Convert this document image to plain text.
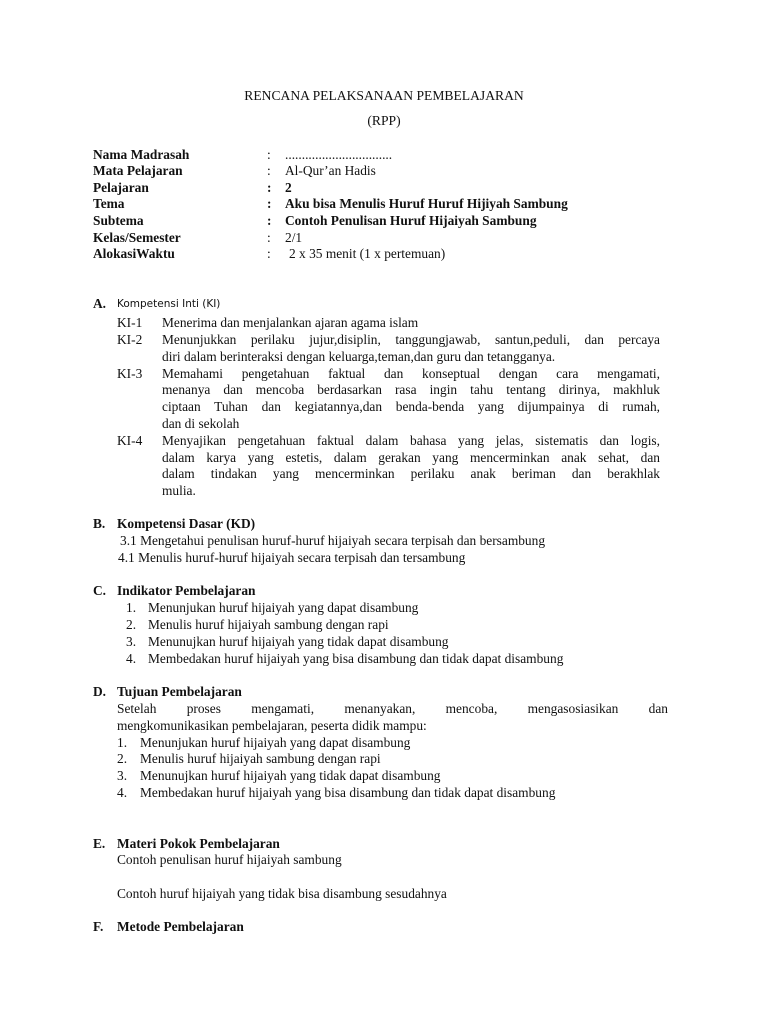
RENCANA PELAKSANAAN PEMBELAJARAN
(RPP)
Nama Madrasah	: ................................
Mata Pelajaran	: Al-Qur’an Hadis
Pelajaran	: 2
Tema	: Aku bisa Menulis Huruf Huruf Hijiyah Sambung
Subtema	: Contoh Penulisan Huruf Hijaiyah Sambung
Kelas/Semester	: 2/1
AlokasiWaktu	: 2 x 35 menit (1 x pertemuan)
A. Kompetensi Inti (KI)
KI-1 Menerima dan menjalankan ajaran agama islam
KI-2 Menunjukkan perilaku jujur,disiplin, tanggungjawab, santun,peduli, dan percaya
diri dalam berinteraksi dengan keluarga,teman,dan guru dan tetangganya.
KI-3 Memahami pengetahuan faktual dan konseptual dengan cara mengamati,
menanya dan mencoba berdasarkan rasa ingin tahu tentang dirinya, makhluk
ciptaan Tuhan dan kegiatannya,dan benda-benda yang dijumpainya di rumah,
dan di sekolah
KI-4 Menyajikan pengetahuan faktual dalam bahasa yang jelas, sistematis dan logis,
dalam karya yang estetis, dalam gerakan yang mencerminkan anak sehat, dan
dalam tindakan yang mencerminkan perilaku anak beriman dan berakhlak
mulia.
B. Kompetensi Dasar (KD)
3.1 Mengetahui penulisan huruf-huruf hijaiyah secara terpisah dan bersambung
4.1 Menulis huruf-huruf hijaiyah secara terpisah dan tersambung
C. Indikator Pembelajaran
1. Menunjukan huruf hijaiyah yang dapat disambung
2. Menulis huruf hijaiyah sambung dengan rapi
3. Menunujkan huruf hijaiyah yang tidak dapat disambung
4. Membedakan huruf hijaiyah yang bisa disambung dan tidak dapat disambung
D. Tujuan Pembelajaran
Setelah proses mengamati, menanyakan, mencoba, mengasosiasikan dan
mengkomunikasikan pembelajaran, peserta didik mampu:
1. Menunjukan huruf hijaiyah yang dapat disambung
2. Menulis huruf hijaiyah sambung dengan rapi
3. Menunujkan huruf hijaiyah yang tidak dapat disambung
4. Membedakan huruf hijaiyah yang bisa disambung dan tidak dapat disambung
E. Materi Pokok Pembelajaran
Contoh penulisan huruf hijaiyah sambung
Contoh huruf hijaiyah yang tidak bisa disambung sesudahnya
F. Metode Pembelajaran
